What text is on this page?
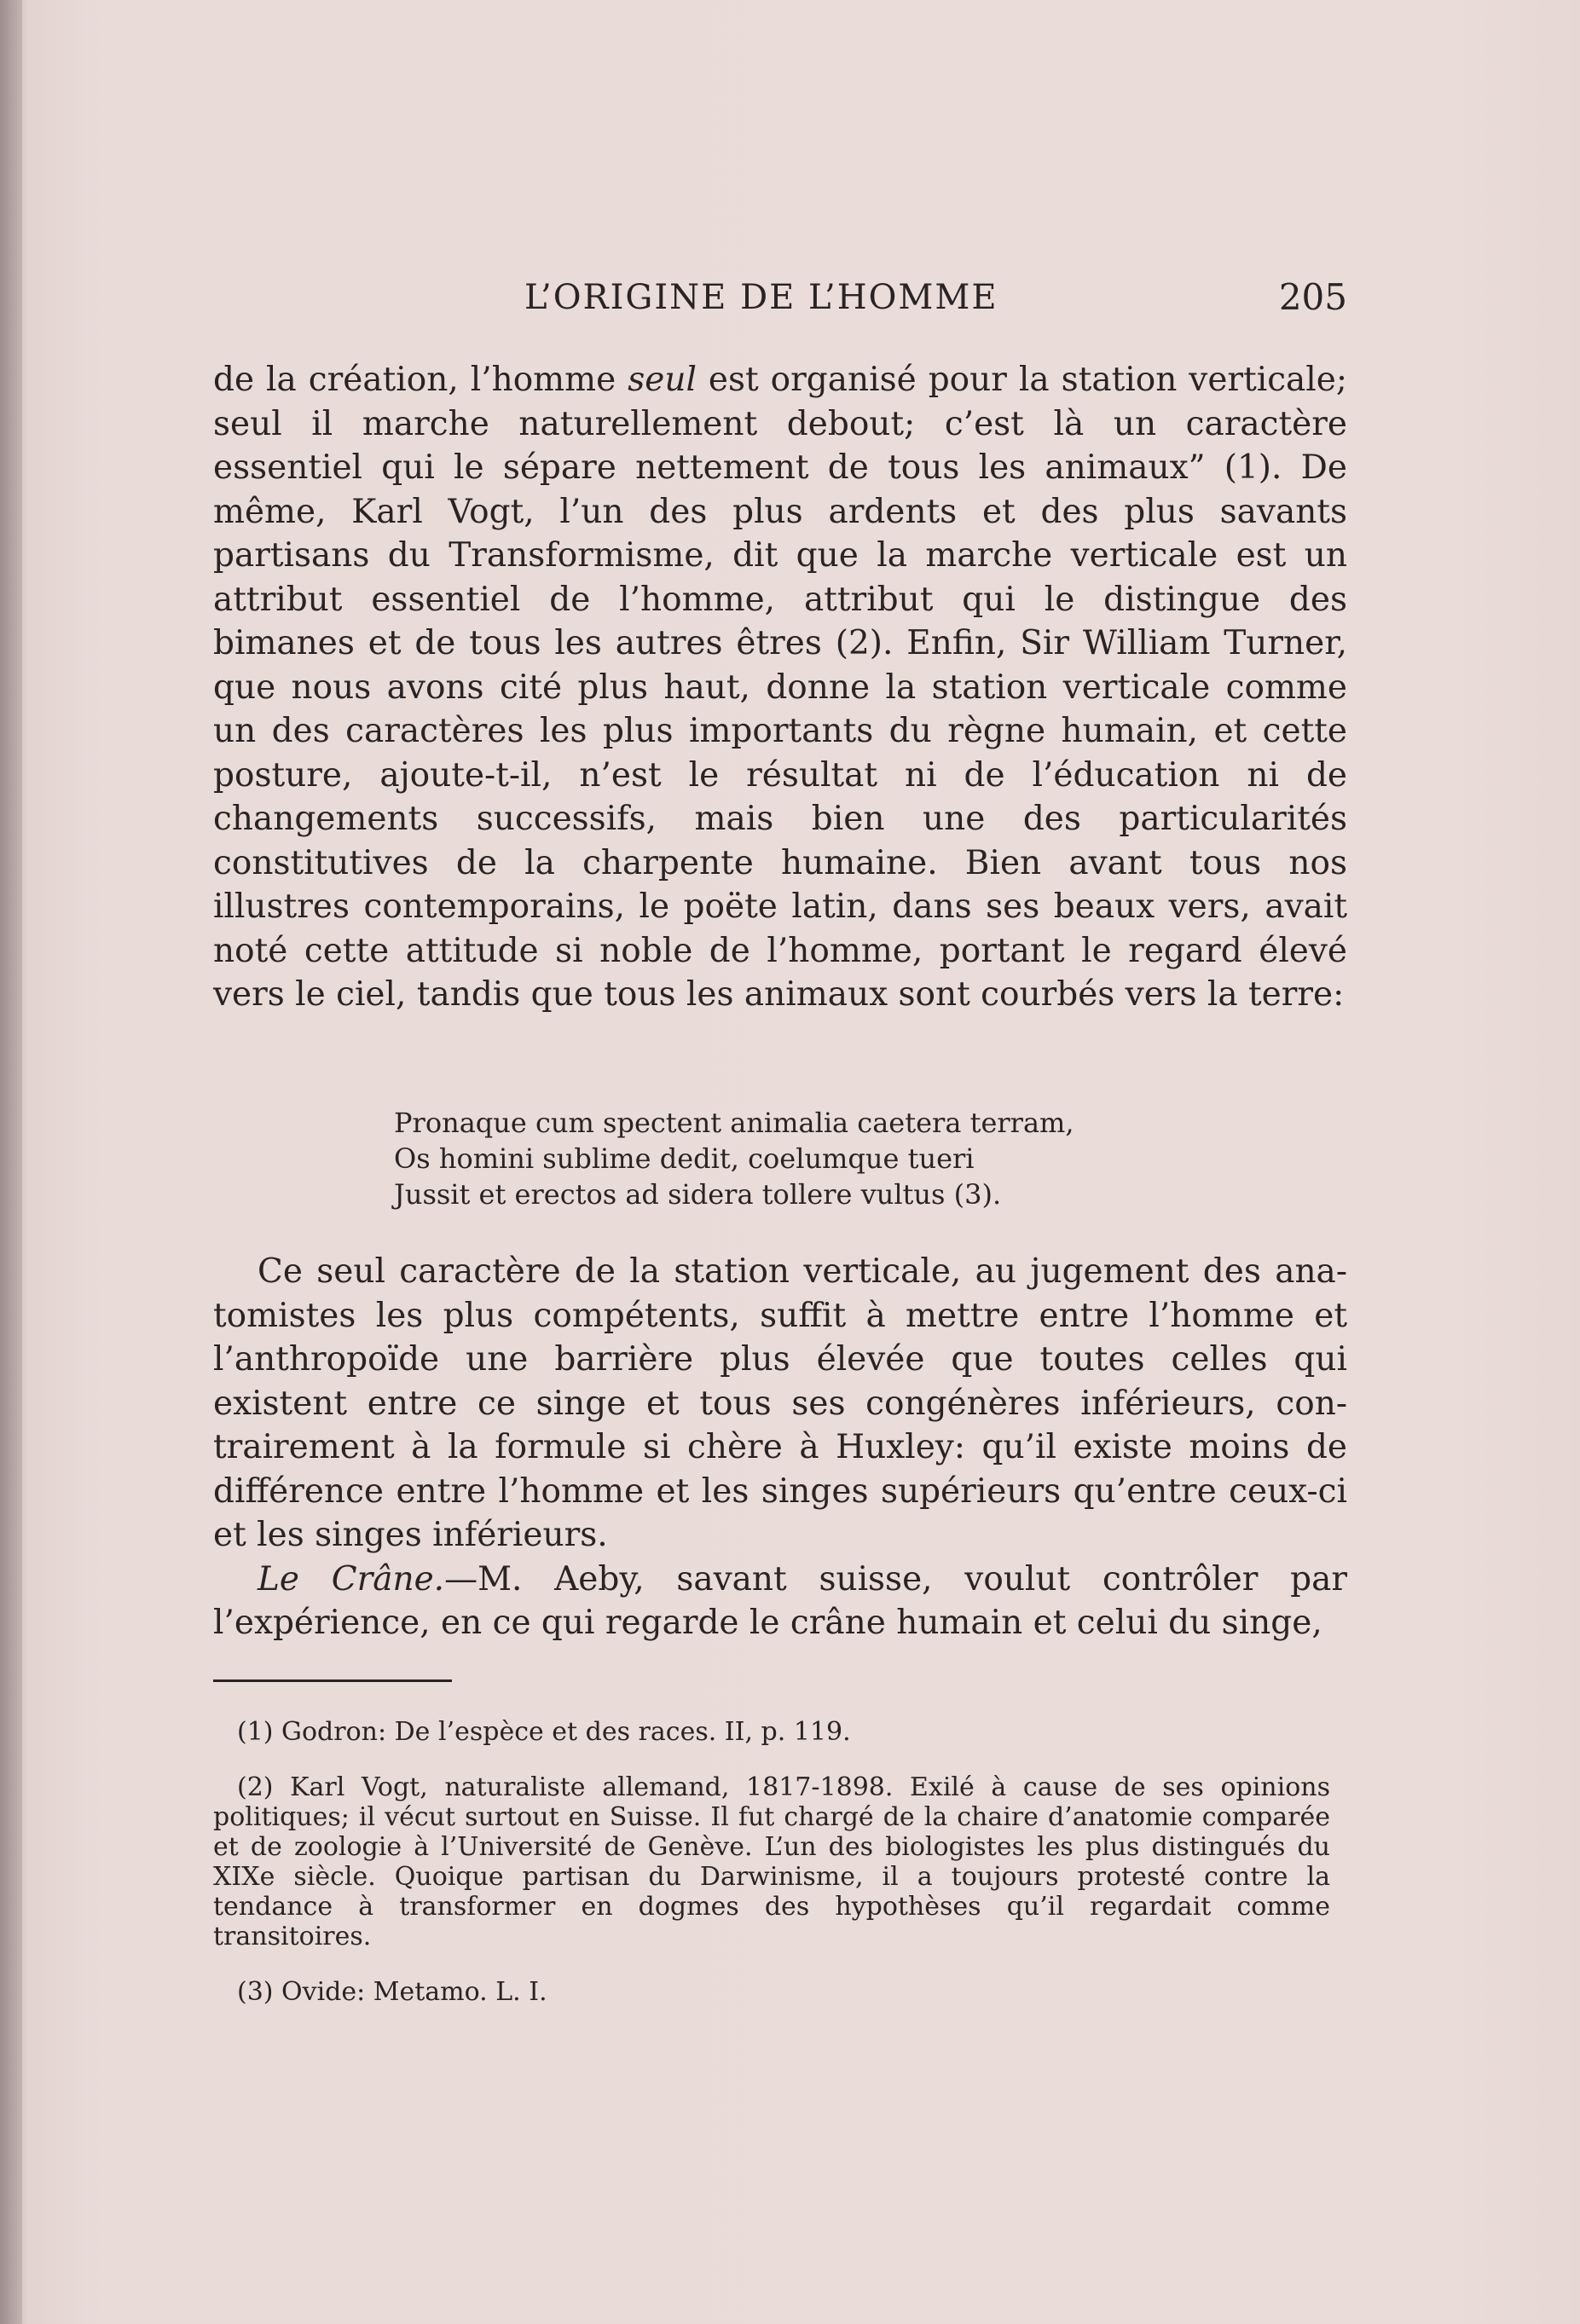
L’ORIGINE DE L’HOMME	205

de la création, l’homme seul est organisé pour la station verticale; seul il marche naturellement debout; c’est là un caractère essentiel qui le sépare nettement de tous les animaux” (1). De même, Karl Vogt, l’un des plus ardents et des plus savants partisans du Transformisme, dit que la marche verticale est un attribut essentiel de l’homme, attribut qui le distingue des bimanes et de tous les autres êtres (2). Enfin, Sir William Turner, que nous avons cité plus haut, donne la station verticale comme un des caractères les plus importants du règne humain, et cette posture, ajoute-t-il, n’est le résultat ni de l’éducation ni de changements successifs, mais bien une des particularités constitutives de la charpente humaine. Bien avant tous nos illustres contemporains, le poëte latin, dans ses beaux vers, avait noté cette attitude si noble de l’homme, portant le regard élevé vers le ciel, tandis que tous les animaux sont courbés vers la terre:

Pronaque cum spectent animalia caetera terram,
Os homini sublime dedit, coelumque tueri
Jussit et erectos ad sidera tollere vultus (3).

Ce seul caractère de la station verticale, au jugement des anatomistes les plus compétents, suffit à mettre entre l’homme et l’anthropoïde une barrière plus élevée que toutes celles qui existent entre ce singe et tous ses congénères inférieurs, contrairement à la formule si chère à Huxley: qu’il existe moins de différence entre l’homme et les singes supérieurs qu’entre ceux-ci et les singes inférieurs.

Le Crâne.—M. Aeby, savant suisse, voulut contrôler par l’expérience, en ce qui regarde le crâne humain et celui du singe,

(1) Godron: De l’espèce et des races. II, p. 119.

(2) Karl Vogt, naturaliste allemand, 1817-1898. Exilé à cause de ses opinions politiques; il vécut surtout en Suisse. Il fut chargé de la chaire d’anatomie comparée et de zoologie à l’Université de Genève. L’un des biologistes les plus distingués du XIXe siècle. Quoique partisan du Darwinisme, il a toujours protesté contre la tendance à transformer en dogmes des hypothèses qu’il regardait comme transitoires.

(3) Ovide: Metamo. L. I.
